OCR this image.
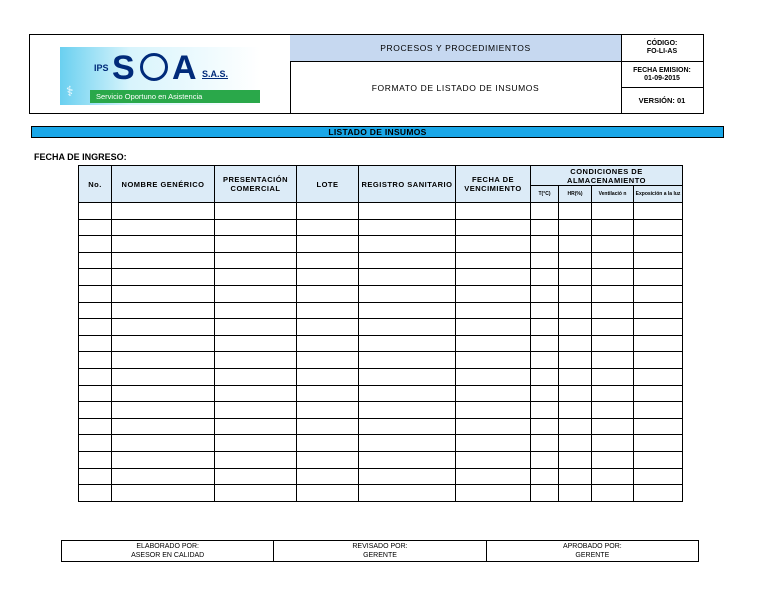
IPS S A S.A.S.
⚕	Servicio Oportuno en Asistencia
PROCESOS Y PROCEDIMIENTOS
FORMATO DE LISTADO DE INSUMOS
CÓDIGO:
FO-LI-AS
FECHA EMISION:
01-09-2015
VERSIÓN: 01
LISTADO DE INSUMOS
FECHA DE INGRESO:
No.	NOMBRE GENÉRICO	PRESENTACIÓN COMERCIAL	LOTE	REGISTRO SANITARIO	FECHA DE VENCIMIENTO	CONDICIONES DE ALMACENAMIENTO			
						T(°C)	HR(%)	Ventilació n	Exposición a la luz

ELABORADO POR:
ASESOR EN CALIDAD

REVISADO POR:
GERENTE

APROBADO POR:
GERENTE
